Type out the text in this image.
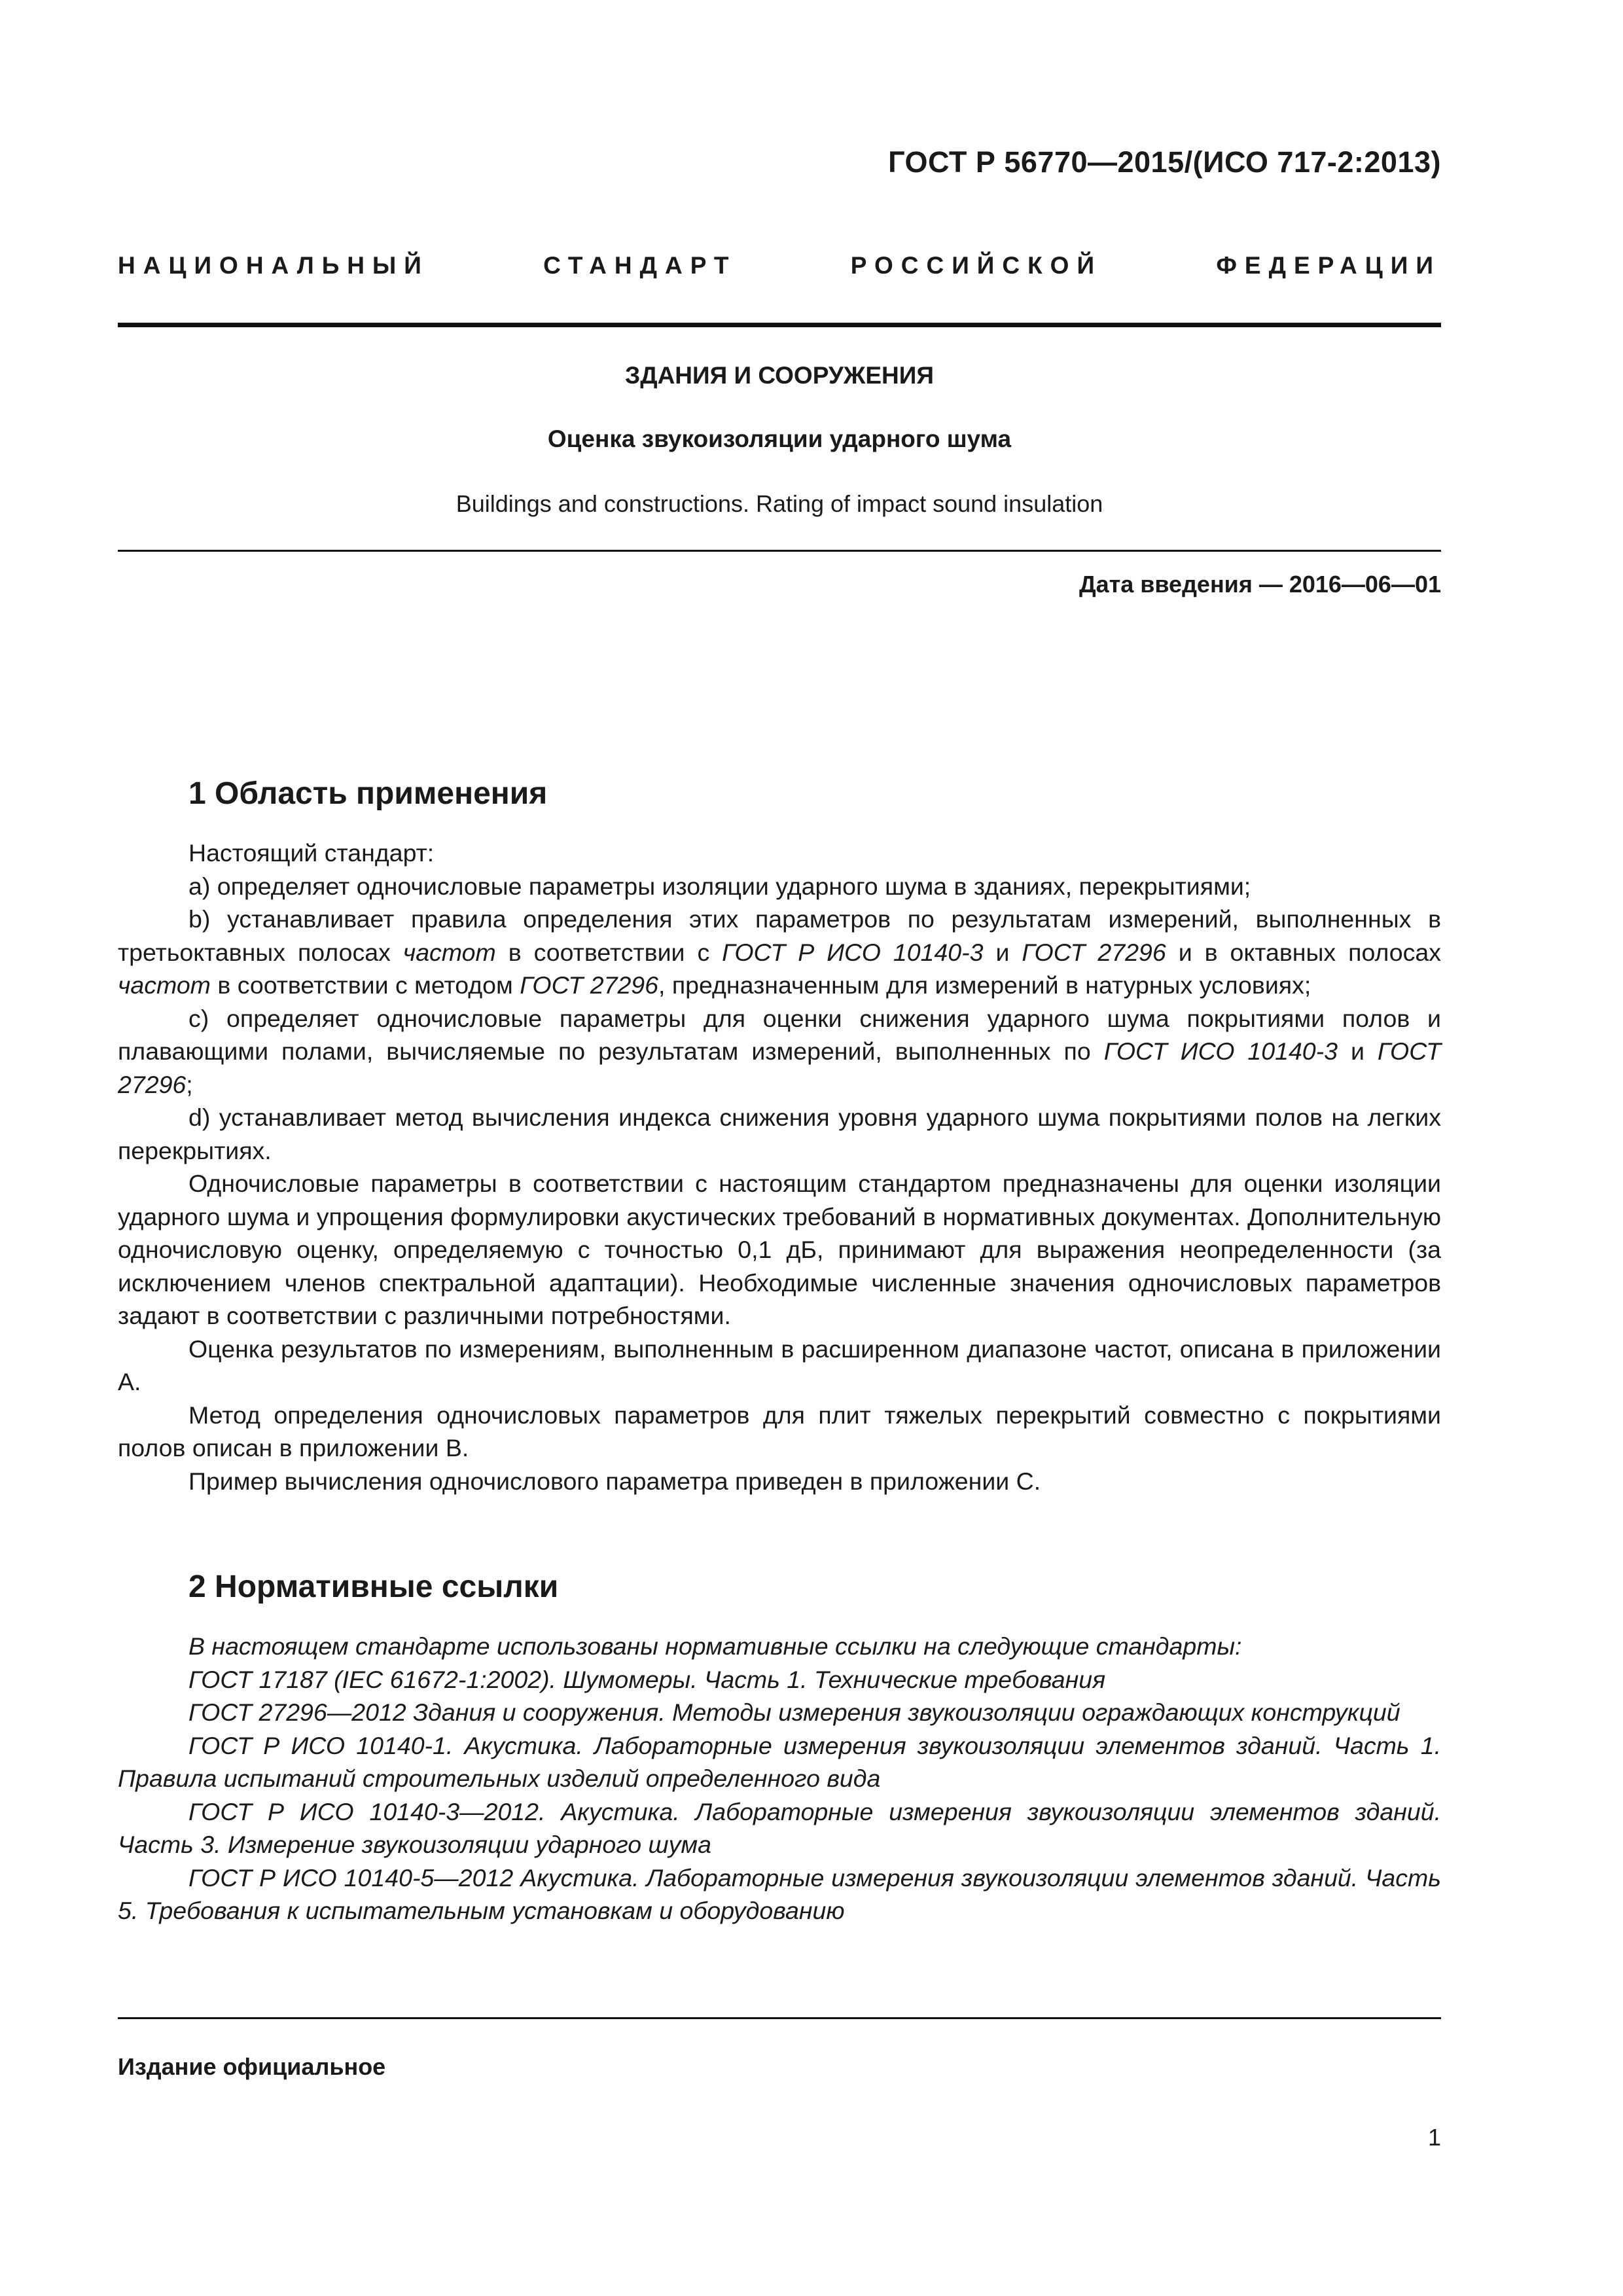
ГОСТ Р 56770—2015/(ИСО 717-2:2013)
НАЦИОНАЛЬНЫЙ СТАНДАРТ РОССИЙСКОЙ ФЕДЕРАЦИИ
ЗДАНИЯ И СООРУЖЕНИЯ
Оценка звукоизоляции ударного шума
Buildings and constructions. Rating of impact sound insulation
Дата введения — 2016—06—01
1 Область применения

Настоящий стандарт:

a) определяет одночисловые параметры изоляции ударного шума в зданиях, перекрытиями;

b) устанавливает правила определения этих параметров по результатам измерений, выполненных в третьоктавных полосах частот в соответствии с ГОСТ Р ИСО 10140-3 и ГОСТ 27296 и в октавных полосах частот в соответствии с методом ГОСТ 27296, предназначенным для измерений в натурных условиях;

c) определяет одночисловые параметры для оценки снижения ударного шума покрытиями полов и плавающими полами, вычисляемые по результатам измерений, выполненных по ГОСТ ИСО 10140-3 и ГОСТ 27296;

d) устанавливает метод вычисления индекса снижения уровня ударного шума покрытиями полов на легких перекрытиях.

Одночисловые параметры в соответствии с настоящим стандартом предназначены для оценки изоляции ударного шума и упрощения формулировки акустических требований в нормативных документах. Дополнительную одночисловую оценку, определяемую с точностью 0,1 дБ, принимают для выражения неопределенности (за исключением членов спектральной адаптации). Необходимые численные значения одночисловых параметров задают в соответствии с различными потребностями.

Оценка результатов по измерениям, выполненным в расширенном диапазоне частот, описана в приложении А.

Метод определения одночисловых параметров для плит тяжелых перекрытий совместно с покрытиями полов описан в приложении В.

Пример вычисления одночислового параметра приведен в приложении С.

2 Нормативные ссылки

В настоящем стандарте использованы нормативные ссылки на следующие стандарты:

ГОСТ 17187 (IEC 61672-1:2002). Шумомеры. Часть 1. Технические требования

ГОСТ 27296—2012 Здания и сооружения. Методы измерения звукоизоляции ограждающих конструкций

ГОСТ Р ИСО 10140-1. Акустика. Лабораторные измерения звукоизоляции элементов зданий. Часть 1. Правила испытаний строительных изделий определенного вида

ГОСТ Р ИСО 10140-3—2012. Акустика. Лабораторные измерения звукоизоляции элементов зданий. Часть 3. Измерение звукоизоляции ударного шума

ГОСТ Р ИСО 10140-5—2012 Акустика. Лабораторные измерения звукоизоляции элементов зданий. Часть 5. Требования к испытательным установкам и оборудованию

Издание официальное
1
